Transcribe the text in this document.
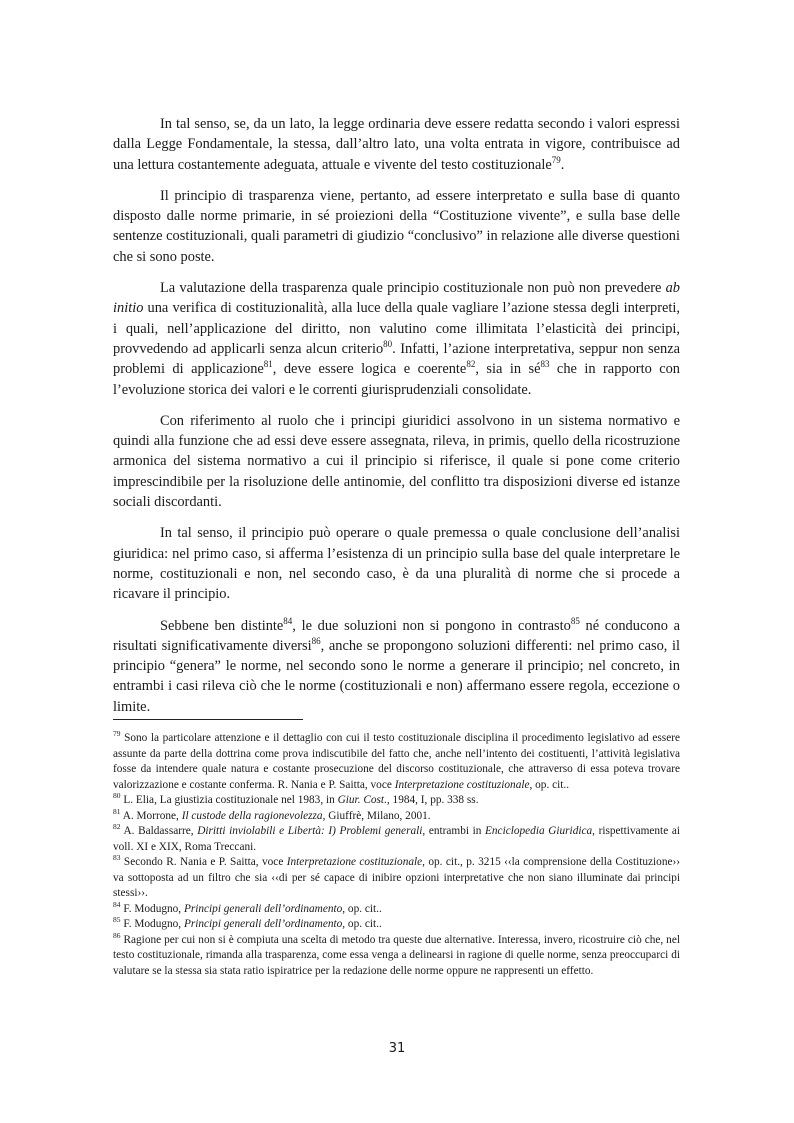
In tal senso, se, da un lato, la legge ordinaria deve essere redatta secondo i valori espressi dalla Legge Fondamentale, la stessa, dall’altro lato, una volta entrata in vigore, contribuisce ad una lettura costantemente adeguata, attuale e vivente del testo costituzionale$^{79}$.

Il principio di trasparenza viene, pertanto, ad essere interpretato e sulla base di quanto disposto dalle norme primarie, in sé proiezioni della “Costituzione vivente”, e sulla base delle sentenze costituzionali, quali parametri di giudizio “conclusivo” in relazione alle diverse questioni che si sono poste.

La valutazione della trasparenza quale principio costituzionale non può non prevedere ab initio una verifica di costituzionalità, alla luce della quale vagliare l’azione stessa degli interpreti, i quali, nell’applicazione del diritto, non valutino come illimitata l’elasticità dei principi, provvedendo ad applicarli senza alcun criterio$^{80}$. Infatti, l’azione interpretativa, seppur non senza problemi di applicazione$^{81}$, deve essere logica e coerente$^{82}$, sia in $sé^{83}$ che in rapporto con l’evoluzione storica dei valori e le correnti giurisprudenziali consolidate.

Con riferimento al ruolo che i principi giuridici assolvono in un sistema normativo e quindi alla funzione che ad essi deve essere assegnata, rileva, in primis, quello della ricostruzione armonica del sistema normativo a cui il principio si riferisce, il quale si pone come criterio imprescindibile per la risoluzione delle antinomie, del conflitto tra disposizioni diverse ed istanze sociali discordanti.

In tal senso, il principio può operare o quale premessa o quale conclusione dell’analisi giuridica: nel primo caso, si afferma l’esistenza di un principio sulla base del quale interpretare le norme, costituzionali e non, nel secondo caso, è da una pluralità di norme che si procede a ricavare il principio.

Sebbene ben distinte$^{84}$, le due soluzioni non si pongono in contrasto$^{85}$ né conducono a risultati significativamente diversi$^{86}$, anche se propongono soluzioni differenti: nel primo caso, il principio “genera” le norme, nel secondo sono le norme a generare il principio; nel concreto, in entrambi i casi rileva ciò che le norme (costituzionali e non) affermano essere regola, eccezione o limite.

$^{79}$ Sono la particolare attenzione e il dettaglio con cui il testo costituzionale disciplina il procedimento legislativo ad essere assunte da parte della dottrina come prova indiscutibile del fatto che, anche nell’intento dei costituenti, l’attività legislativa fosse da intendere quale natura e costante prosecuzione del discorso costituzionale, che attraverso di essa poteva trovare valorizzazione e costante conferma. R. Nania e P. Saitta, voce Interpretazione costituzionale, op. cit..

$^{80}$ L. Elia, La giustizia costituzionale nel 1983, in Giur. Cost., 1984, I, pp. 338 ss.

$^{81}$ A. Morrone, Il custode della ragionevolezza, Giuffrè, Milano, 2001.

$^{82}$ A. Baldassarre, Diritti inviolabili e Libertà: I) Problemi generali, entrambi in Enciclopedia Giuridica, rispettivamente ai voll. XI e XIX, Roma Treccani.

$^{83}$ Secondo R. Nania e P. Saitta, voce Interpretazione costituzionale, op. cit., p. 3215 ‹‹la comprensione della Costituzione›› va sottoposta ad un filtro che sia ‹‹di per sé capace di inibire opzioni interpretative che non siano illuminate dai principi stessi››.

$^{84}$ F. Modugno, Principi generali dell’ordinamento, op. cit..

$^{85}$ F. Modugno, Principi generali dell’ordinamento, op. cit..

$^{86}$ Ragione per cui non si è compiuta una scelta di metodo tra queste due alternative. Interessa, invero, ricostruire ciò che, nel testo costituzionale, rimanda alla trasparenza, come essa venga a delinearsi in ragione di quelle norme, senza preoccuparci di valutare se la stessa sia stata ratio ispiratrice per la redazione delle norme oppure ne rappresenti un effetto.

31
